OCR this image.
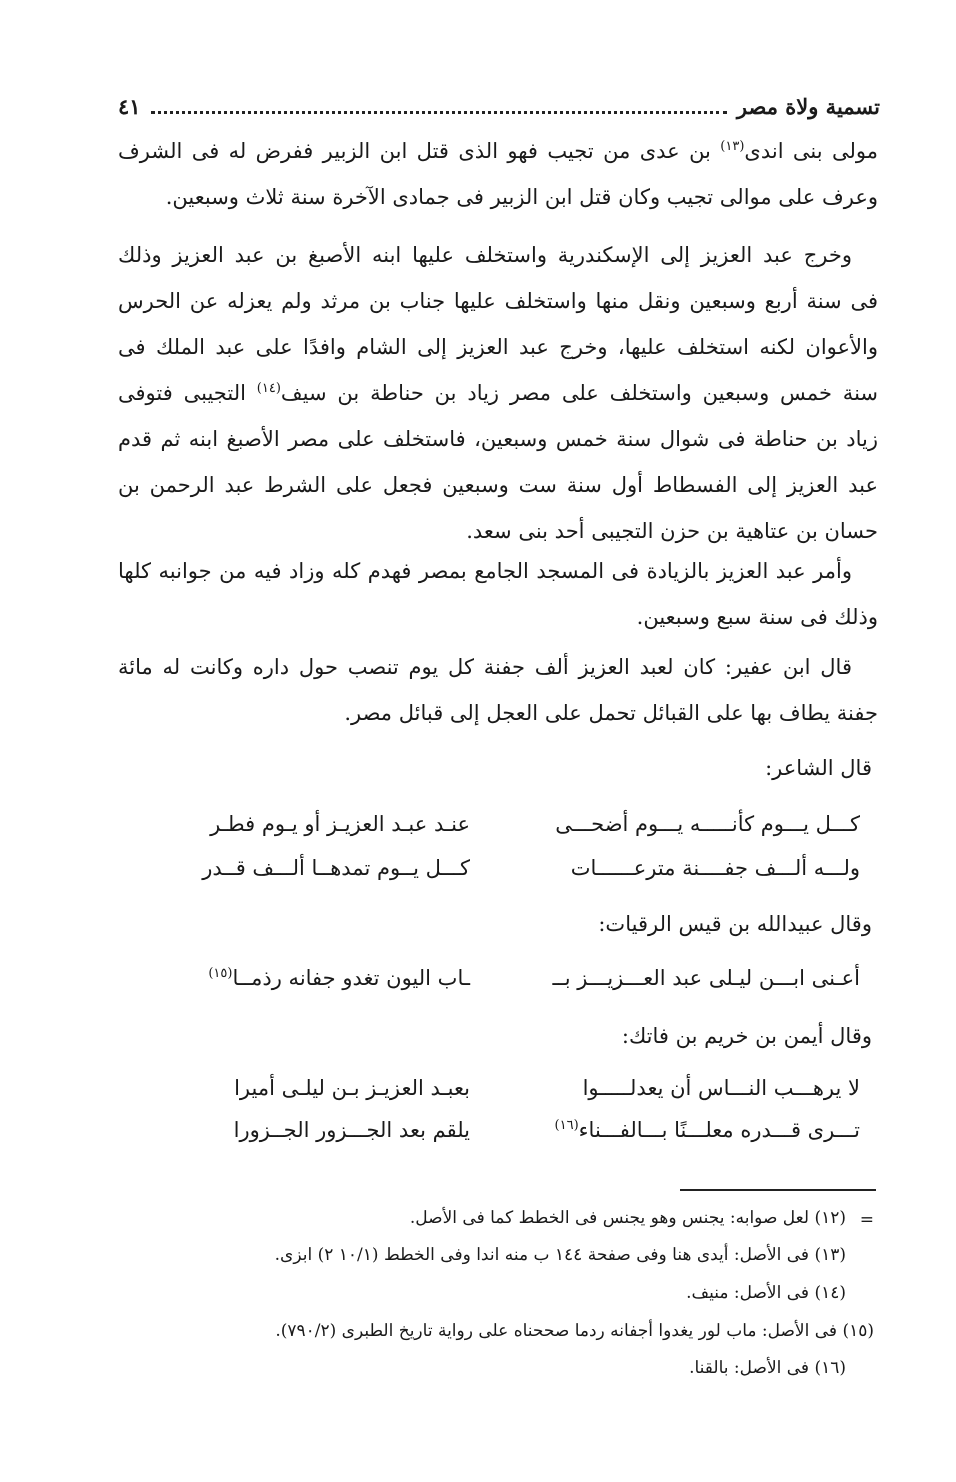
تسمية ولاة مصر
٤١
مولى بنى اندى$^{(١٣)}$ بن عدى من تجيب فهو الذى قتل ابن الزبير ففرض له فى الشرف
وعرف على موالى تجيب وكان قتل ابن الزبير فى جمادى الآخرة سنة ثلاث وسبعين.
وخرج عبد العزيز إلى الإسكندرية واستخلف عليها ابنه الأصبغ بن عبد العزيز وذلك
فى سنة أربع وسبعين ونقل منها واستخلف عليها جناب بن مرثد ولم يعزله عن الحرس
والأعوان لكنه استخلف عليها، وخرج عبد العزيز إلى الشام وافدًا على عبد الملك فى
سنة خمس وسبعين واستخلف على مصر زياد بن حناطة بن سيف$^{(١٤)}$ التجيبى فتوفى
زياد بن حناطة فى شوال سنة خمس وسبعين، فاستخلف على مصر الأصبغ ابنه ثم قدم
عبد العزيز إلى الفسطاط أول سنة ست وسبعين فجعل على الشرط عبد الرحمن بن
حسان بن عتاهية بن حزن التجيبى أحد بنى سعد.
وأمر عبد العزيز بالزيادة فى المسجد الجامع بمصر فهدم كله وزاد فيه من جوانبه كلها
وذلك فى سنة سبع وسبعين.
قال ابن عفير: كان لعبد العزيز ألف جفنة كل يوم تنصب حول داره وكانت له مائة
جفنة يطاف بها على القبائل تحمل على العجل إلى قبائل مصر.
قال الشاعر:
كـــل يـــوم كأنـــــه يـــوم أضحـــى
عنـد عبـد العزيـز أو يـوم فطـر
ولـــه ألـــف جفــــنة مترعــــــات
كـــل يــوم تمدهــا ألـــف قــدر
وقال عبيدالله بن قيس الرقيات:
أعـنى ابـــن ليـلى عبد العـــزيـــز بــ
ـاب اليون تغدو جفانه رذمــا$^{(١٥)}$
وقال أيمن بن خريم بن فاتك:
لا يرهـــب النـــاس أن يعدلـــــوا
بعبـد العزيـز بـن ليلـى أميرا
تـــرى قـــدره معلـــنًا بـــالفـــناء$^{(١٦)}$
يلقم بعد الجـــزور الجــزورا
=
(١٢) لعل صوابه: يجنس وهو يجنس فى الخطط كما فى الأصل.
(١٣) فى الأصل: أيدى هنا وفى صفحة ١٤٤ ب منه اندا وفى الخطط (١٠/١ ٢) ابزى.
(١٤) فى الأصل: منيف.
(١٥) فى الأصل: ماب لور يغدوا أجفانه ردما صححناه على رواية تاريخ الطبرى (٧٩٠/٢).
(١٦) فى الأصل: بالقنا.
